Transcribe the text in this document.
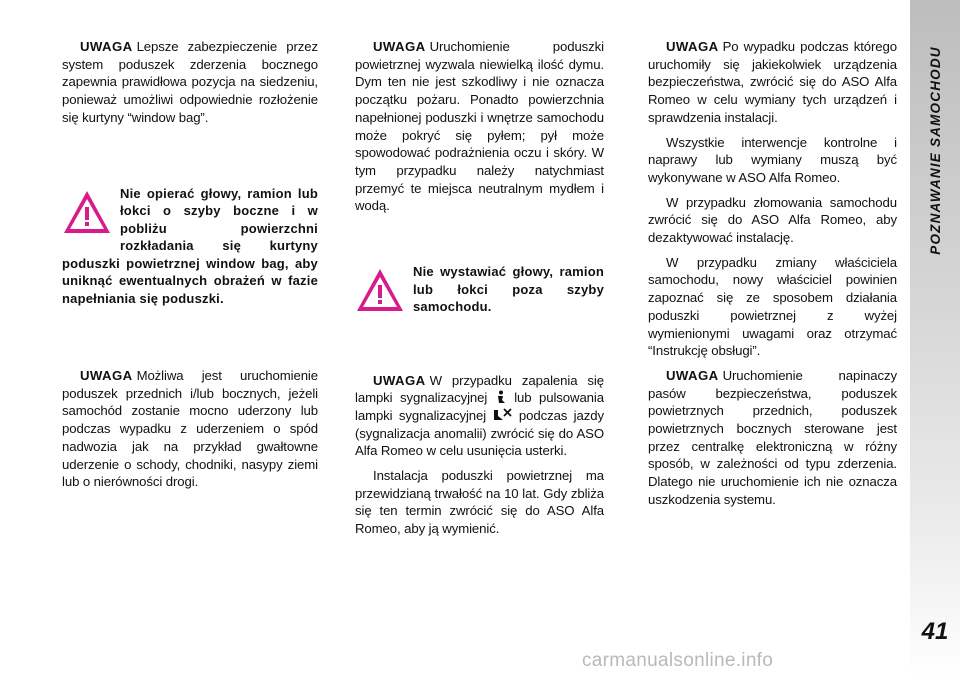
UWAGA Lepsze zabezpieczenie przez system poduszek zderzenia bocznego zapewnia prawidłowa pozycja na siedzeniu, ponieważ umożliwi odpowiednie rozłożenie się kurtyny “window bag”.

Nie opierać głowy, ramion lub łokci o szyby boczne i w pobliżu powierzchni rozkładania się kurtyny poduszki powietrznej window bag, aby uniknąć ewentualnych obrażeń w fazie napełniania się poduszki.

UWAGA Możliwa jest uruchomienie poduszek przednich i/lub bocznych, jeżeli samochód zostanie mocno uderzony lub podczas wypadku z uderzeniem o spód nadwozia jak na przykład gwałtowne uderzenie o schody, chodniki, nasypy ziemi lub o nierówności drogi.

UWAGA Uruchomienie poduszki powietrznej wyzwala niewielką ilość dymu. Dym ten nie jest szkodliwy i nie oznacza początku pożaru. Ponadto powierzchnia napełnionej poduszki i wnętrze samochodu może pokryć się pyłem; pył może spowodować podrażnienia oczu i skóry. W tym przypadku należy natychmiast przemyć te miejsca neutralnym mydłem i wodą.

Nie wystawiać głowy, ramion lub łokci poza szyby samochodu.

UWAGA W przypadku zapalenia się lampki sygnalizacyjnej lub pulsowania lampki sygnalizacyjnej podczas jazdy (sygnalizacja anomalii) zwrócić się do ASO Alfa Romeo w celu usunięcia usterki.

Instalacja poduszki powietrznej ma przewidzianą trwałość na 10 lat. Gdy zbliża się ten termin zwrócić się do ASO Alfa Romeo, aby ją wymienić.

UWAGA Po wypadku podczas którego uruchomiły się jakiekolwiek urządzenia bezpieczeństwa, zwrócić się do ASO Alfa Romeo w celu wymiany tych urządzeń i sprawdzenia instalacji.

Wszystkie interwencje kontrolne i naprawy lub wymiany muszą być wykonywane w ASO Alfa Romeo.

W przypadku złomowania samochodu zwrócić się do ASO Alfa Romeo, aby dezaktywować instalację.

W przypadku zmiany właściciela samochodu, nowy właściciel powinien zapoznać się ze sposobem działania poduszki powietrznej z wyżej wymienionymi uwagami oraz otrzymać “Instrukcję obsługi”.

UWAGA Uruchomienie napinaczy pasów bezpieczeństwa, poduszek powietrznych przednich, poduszek powietrznych bocznych sterowane jest przez centralkę elektroniczną w różny sposób, w zależności od typu zderzenia. Dlatego nie uruchomienie ich nie oznacza uszkodzenia systemu.

POZNAWANIE SAMOCHODU
41
carmanualsonline.info
